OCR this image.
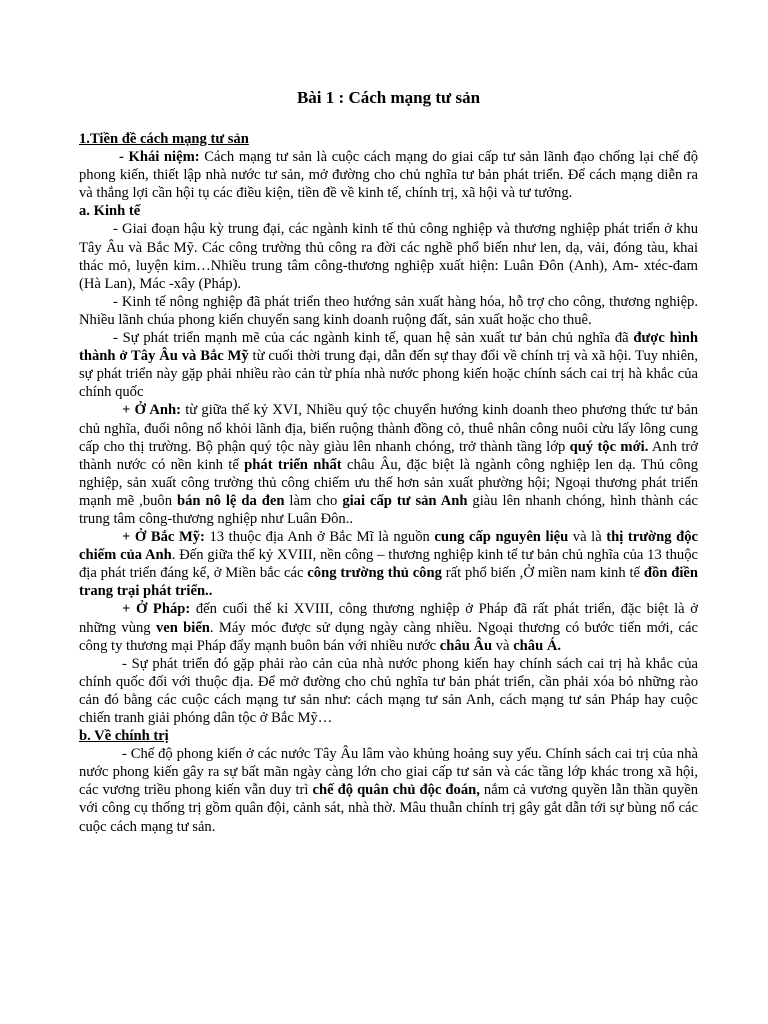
Bài 1 : Cách mạng tư sản
1.Tiền đề cách mạng tư sản

- Khái niệm: Cách mạng tư sản là cuộc cách mạng do giai cấp tư sản lãnh đạo chống lại chế độ phong kiến, thiết lập nhà nước tư sản, mở đường cho chủ nghĩa tư bản phát triển. Để cách mạng diễn ra và thắng lợi cần hội tụ các điều kiện, tiền đề về kinh tế, chính trị, xã hội và tư tưởng.

a. Kinh tế

- Giai đoạn hậu kỳ trung đại, các ngành kinh tế thủ công nghiệp và thương nghiệp phát triển ở khu Tây Âu và Bắc Mỹ. Các công trường thủ công ra đời các nghề phổ biến như len, dạ, vải, đóng tàu, khai thác mỏ, luyện kim…Nhiều trung tâm công-thương nghiệp xuất hiện: Luân Đôn (Anh), Am- xtéc-đam (Hà Lan), Mác -xây (Pháp).

- Kinh tế nông nghiệp đã phát triển theo hướng sản xuất hàng hóa, hỗ trợ cho công, thương nghiệp. Nhiều lãnh chúa phong kiến chuyển sang kinh doanh ruộng đất, sản xuất hoặc cho thuê.

- Sự phát triển mạnh mẽ của các ngành kinh tế, quan hệ sản xuất tư bản chủ nghĩa đã được hình thành ở Tây Âu và Bắc Mỹ từ cuối thời trung đại, dẫn đến sự thay đổi về chính trị và xã hội. Tuy nhiên, sự phát triển này gặp phải nhiều rào cản từ phía nhà nước phong kiến hoặc chính sách cai trị hà khắc của chính quốc

+ Ở Anh: từ giữa thế kỷ XVI, Nhiều quý tộc chuyển hướng kinh doanh theo phương thức tư bản chủ nghĩa, đuổi nông nổ khỏi lãnh địa, biến ruộng thành đồng cỏ, thuê nhân công nuôi cừu lấy lông cung cấp cho thị trường. Bộ phận quý tộc này giàu lên nhanh chóng, trở thành tầng lớp quý tộc mới. Anh trở thành nước có nền kinh tế phát triển nhất châu Âu, đặc biệt là ngành công nghiệp len dạ. Thủ công nghiệp, sản xuất công trường thủ công chiếm ưu thế hơn sản xuất phường hội; Ngoại thương phát triển mạnh mẽ ,buôn bán nô lệ da đen làm cho giai cấp tư sản Anh giàu lên nhanh chóng, hình thành các trung tâm công-thương nghiệp như Luân Đôn..

+ Ở Bắc Mỹ: 13 thuộc địa Anh ở Bắc Mĩ là nguồn cung cấp nguyên liệu và là thị trường độc chiếm của Anh. Đến giữa thế kỷ XVIII, nền công – thương nghiệp kinh tế tư bản chủ nghĩa của 13 thuộc địa phát triển đáng kể, ở Miền bắc các công trường thủ công rất phổ biến ,Ở miền nam kinh tế đồn điền trang trại phát triển..

+ Ở Pháp: đến cuối thế kỉ XVIII, công thương nghiệp ở Pháp đã rất phát triển, đặc biệt là ở những vùng ven biển. Máy móc được sử dụng ngày càng nhiều. Ngoại thương có bước tiến mới, các công ty thương mại Pháp đẩy mạnh buôn bán với nhiều nước châu Âu và châu Á.

- Sự phát triển đó gặp phải rào cản của nhà nước phong kiến hay chính sách cai trị hà khắc của chính quốc đối với thuộc địa. Để mở đường cho chủ nghĩa tư bản phát triển, cần phải xóa bỏ những rào cản đó bằng các cuộc cách mạng tư sản như: cách mạng tư sản Anh, cách mạng tư sản Pháp hay cuộc chiến tranh giải phóng dân tộc ở Bắc Mỹ…

b. Về chính trị

- Chế độ phong kiến ở các nước Tây Âu lâm vào khủng hoảng suy yếu. Chính sách cai trị của nhà nước phong kiến gây ra sự bất mãn ngày càng lớn cho giai cấp tư sản và các tầng lớp khác trong xã hội, các vương triều phong kiến vẫn duy trì chế độ quân chủ độc đoán, nắm cả vương quyền lẫn thần quyền với công cụ thống trị gồm quân đội, cảnh sát, nhà thờ. Mâu thuẫn chính trị gây gắt dẫn tới sự bùng nổ các cuộc cách mạng tư sản.
